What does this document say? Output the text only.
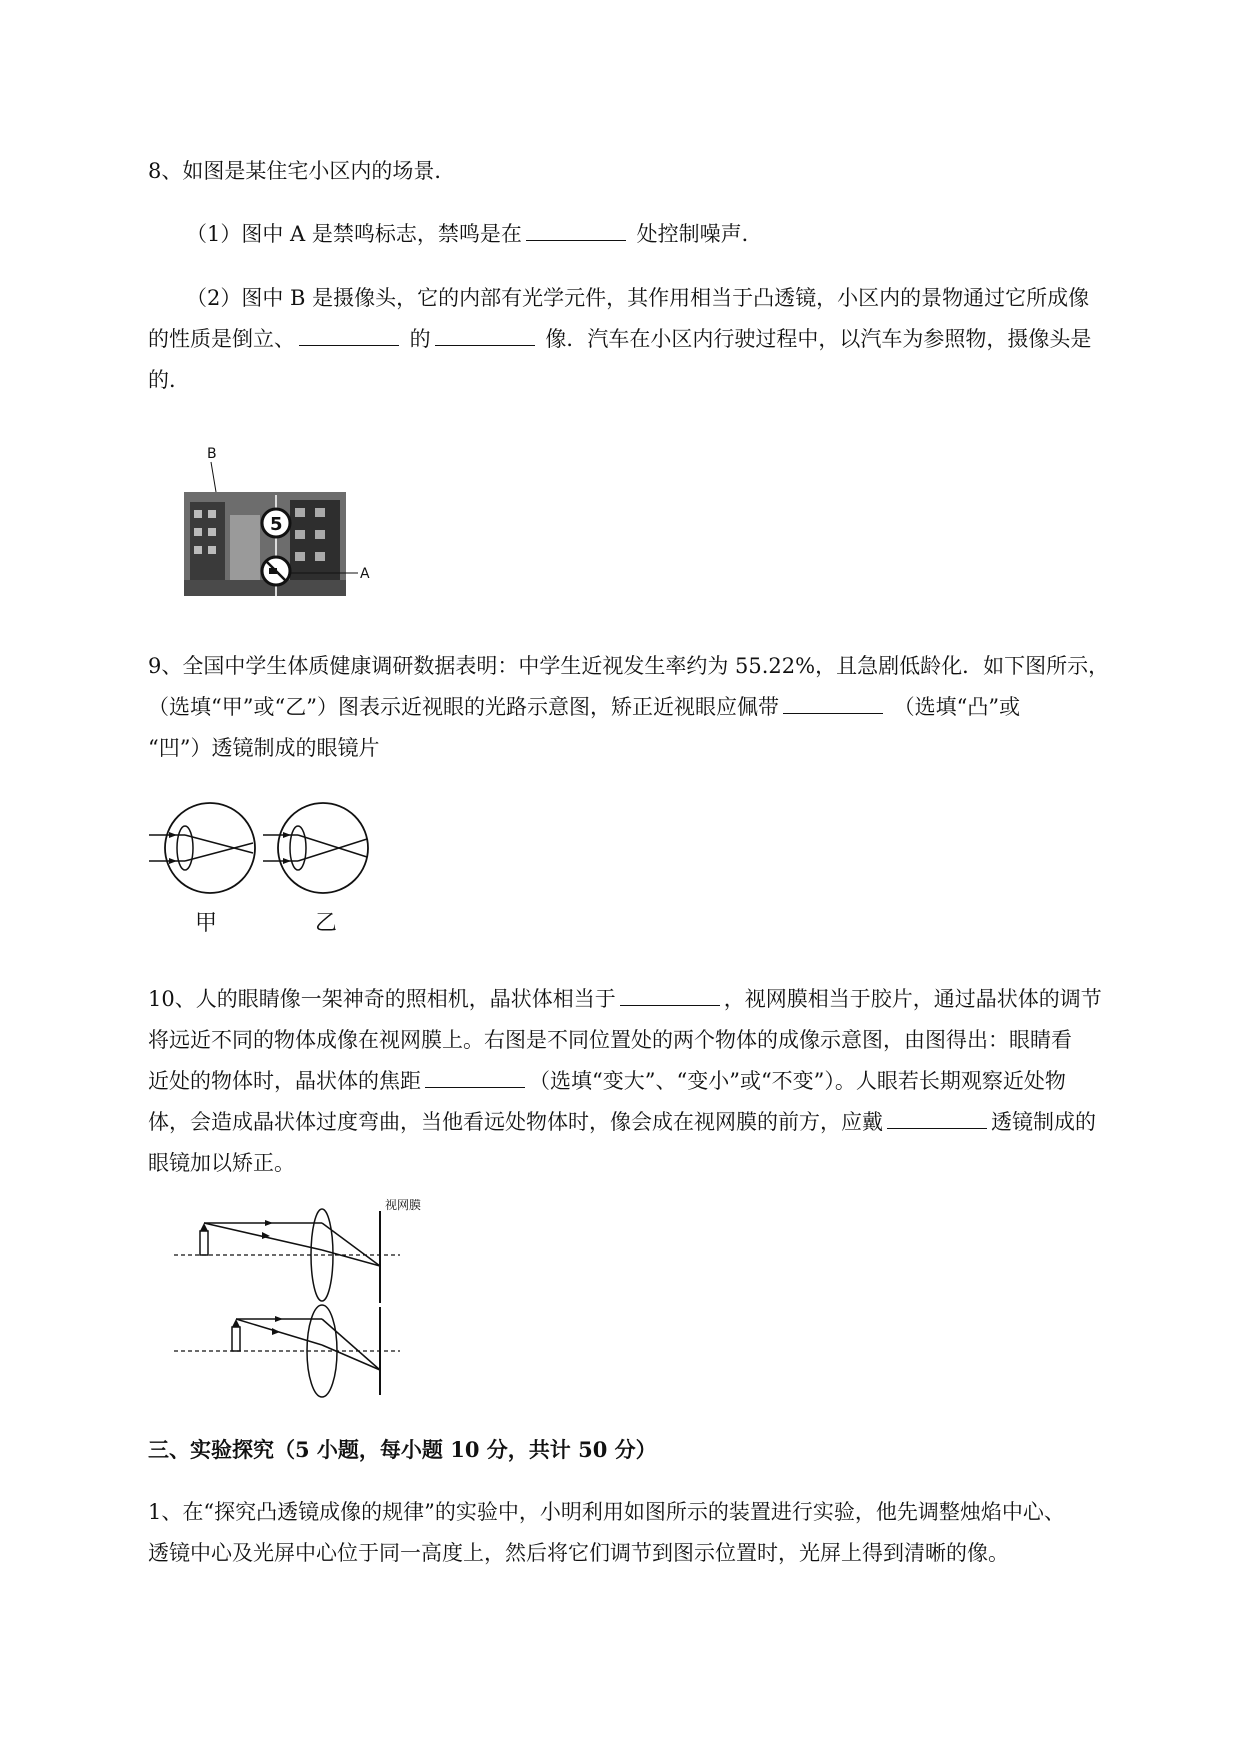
8、如图是某住宅小区内的场景．
（1）图中 A 是禁鸣标志，禁鸣是在	处控制噪声．
（2）图中 B 是摄像头，它的内部有光学元件，其作用相当于凸透镜，小区内的景物通过它所成像
的性质是倒立、	的	像．汽车在小区内行驶过程中，以汽车为参照物，摄像头是
的．
B
5
A
9、全国中学生体质健康调研数据表明：中学生近视发生率约为 55.22%，且急剧低龄化．如下图所示，
（选填“甲”或“乙”）图表示近视眼的光路示意图，矫正近视眼应佩带	（选填“凸”或
“凹”）透镜制成的眼镜片
甲	乙
10、人的眼睛像一架神奇的照相机，晶状体相当于	，视网膜相当于胶片，通过晶状体的调节
将远近不同的物体成像在视网膜上。右图是不同位置处的两个物体的成像示意图，由图得出：眼睛看
近处的物体时，晶状体的焦距	（选填“变大”、“变小”或“不变”）。人眼若长期观察近处物
体，会造成晶状体过度弯曲，当他看远处物体时，像会成在视网膜的前方，应戴	透镜制成的
眼镜加以矫正。
视网膜
三、实验探究（5 小题，每小题 10 分，共计 50 分）
1、在“探究凸透镜成像的规律”的实验中，小明利用如图所示的装置进行实验，他先调整烛焰中心、
透镜中心及光屏中心位于同一高度上，然后将它们调节到图示位置时，光屏上得到清晰的像。
